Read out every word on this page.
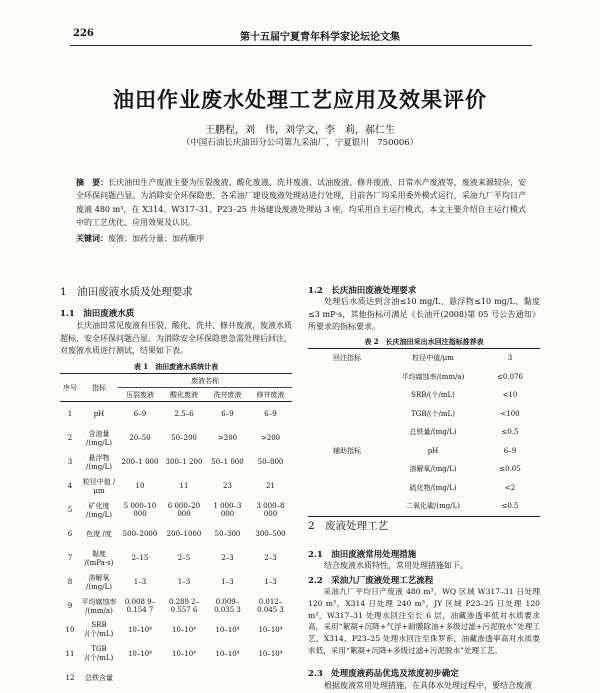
226	第十五届宁夏青年科学家论坛论文集
油田作业废水处理工艺应用及效果评价
王鹏程，刘　伟，刘学文，李　莉，郝仁生
（中国石油长庆油田分公司第九采油厂，宁夏银川　750006）
摘　要：长庆油田生产废液主要为压裂废液、酸化废液、洗井废液、试油废液、修井废液、日常水产废液等，废液来源较杂，安全环保问题凸显。为消除安全环保隐患，各采油厂建设废液处理站进行处理，目前各厂均采用委外模式运行，采油九厂平均日产废液 480 m³，在 X314、W317–31、P23–25 井场建设废液处理站 3 座，均采用自主运行模式，本文主要介绍自主运行模式中的工艺优化、应用效果及认识。
关键词：废液；加药分量；加药顺序
1　油田废液水质及处理要求
1.1　油田废液水质
长庆油田常见废液有压裂、酸化、洗井、修井废液，废液水质超标，安全环保问题凸显。为消除安全环保隐患急需处理后回注，对废液水质进行测试，结果如下表。
表 1　油田废液水质统计表
序号	指标	废液名称			
		压裂废液	酸化废液	洗井废液	修井废液
1	pH	6–9	2.5–6	6–9	6–9
2	含油量 /(mg/L)	20–50	50–200	>200	>200
3	悬浮物 /(mg/L)	200–1 000	300–1 200	50–1 000	50–800
4	粒径中值 /μm	10	11	23	21
5	矿化度 /(mg/L)	5 000–10 000	6 000–20 000	1 000–3 000	3 000–8 000
6	色度 /度	500–2000	200–1000	50–300	300–500
7	黏度 /(mPa·s)	2–15	2–5	2–3	2–3
8	溶解氧 /(mg/L)	1–3	1–3	1–3	1–3
9	平均腐蚀率 /(mm/a)	0.008 9– 0.154 7	0.289 2– 0.557 6	0.009– 0.035 3	0.012– 0.045 3
10	SRB /(个/mL)	10–10⁴	10–10⁴	10–10⁴	10–10⁴
11	TGB /(个/mL)	10–10⁴	10–10⁴	10–10⁴	10–10⁴
12	总铁含量				
1.2　长庆油田废液处理要求
处理后水质达到含油≤10 mg/L、悬浮物≤10 mg/L、黏度≤3 mP·s，其他指标可满足《长油开(2008)第 05 号公告通知》所要求的指标要求。
表 2　长庆油田采出水回注指标推荐表
回注指标	粒径中值/μm	3
	平均腐蚀率/(mm/a)	≤0.076
	SRB/(个/mL)	<10
	TGB/(个/mL)	<100
	总铁量/(mg/L)	≤0.5
辅助指标	pH	6–9
	溶解氧/(mg/L)	≤0.05
	硫化物/(mg/L)	<2
	二氧化碳/(mg/L)	≤0.5
2　废液处理工艺
2.1　油田废液常用处理措施
结合废液水质特性，常用处理措施如下。
2.2　采油九厂废液处理工艺流程
采油九厂平均日产废液 480 m³，WQ 区域 W317–31 日处理 120 m³，X314 日处理 240 m³，JY 区域 P23–25 日处理 120 m³，W317–31 处理水回注至长 6 层，油藏渗透率低对水质要求高，采用“絮凝+沉降+气浮+耐膜除油+多级过滤+污泥脱水”处理工艺，X314、P23–25 处理水回注至侏罗系，油藏渗透率高对水质要求低，采用“絮凝+沉降+多级过滤+污泥脱水”处理工艺。
2.3　处理废液药品优选及浓度初步确定
根据废液常用处理措施，在具体水处理过程中，要结合废液
